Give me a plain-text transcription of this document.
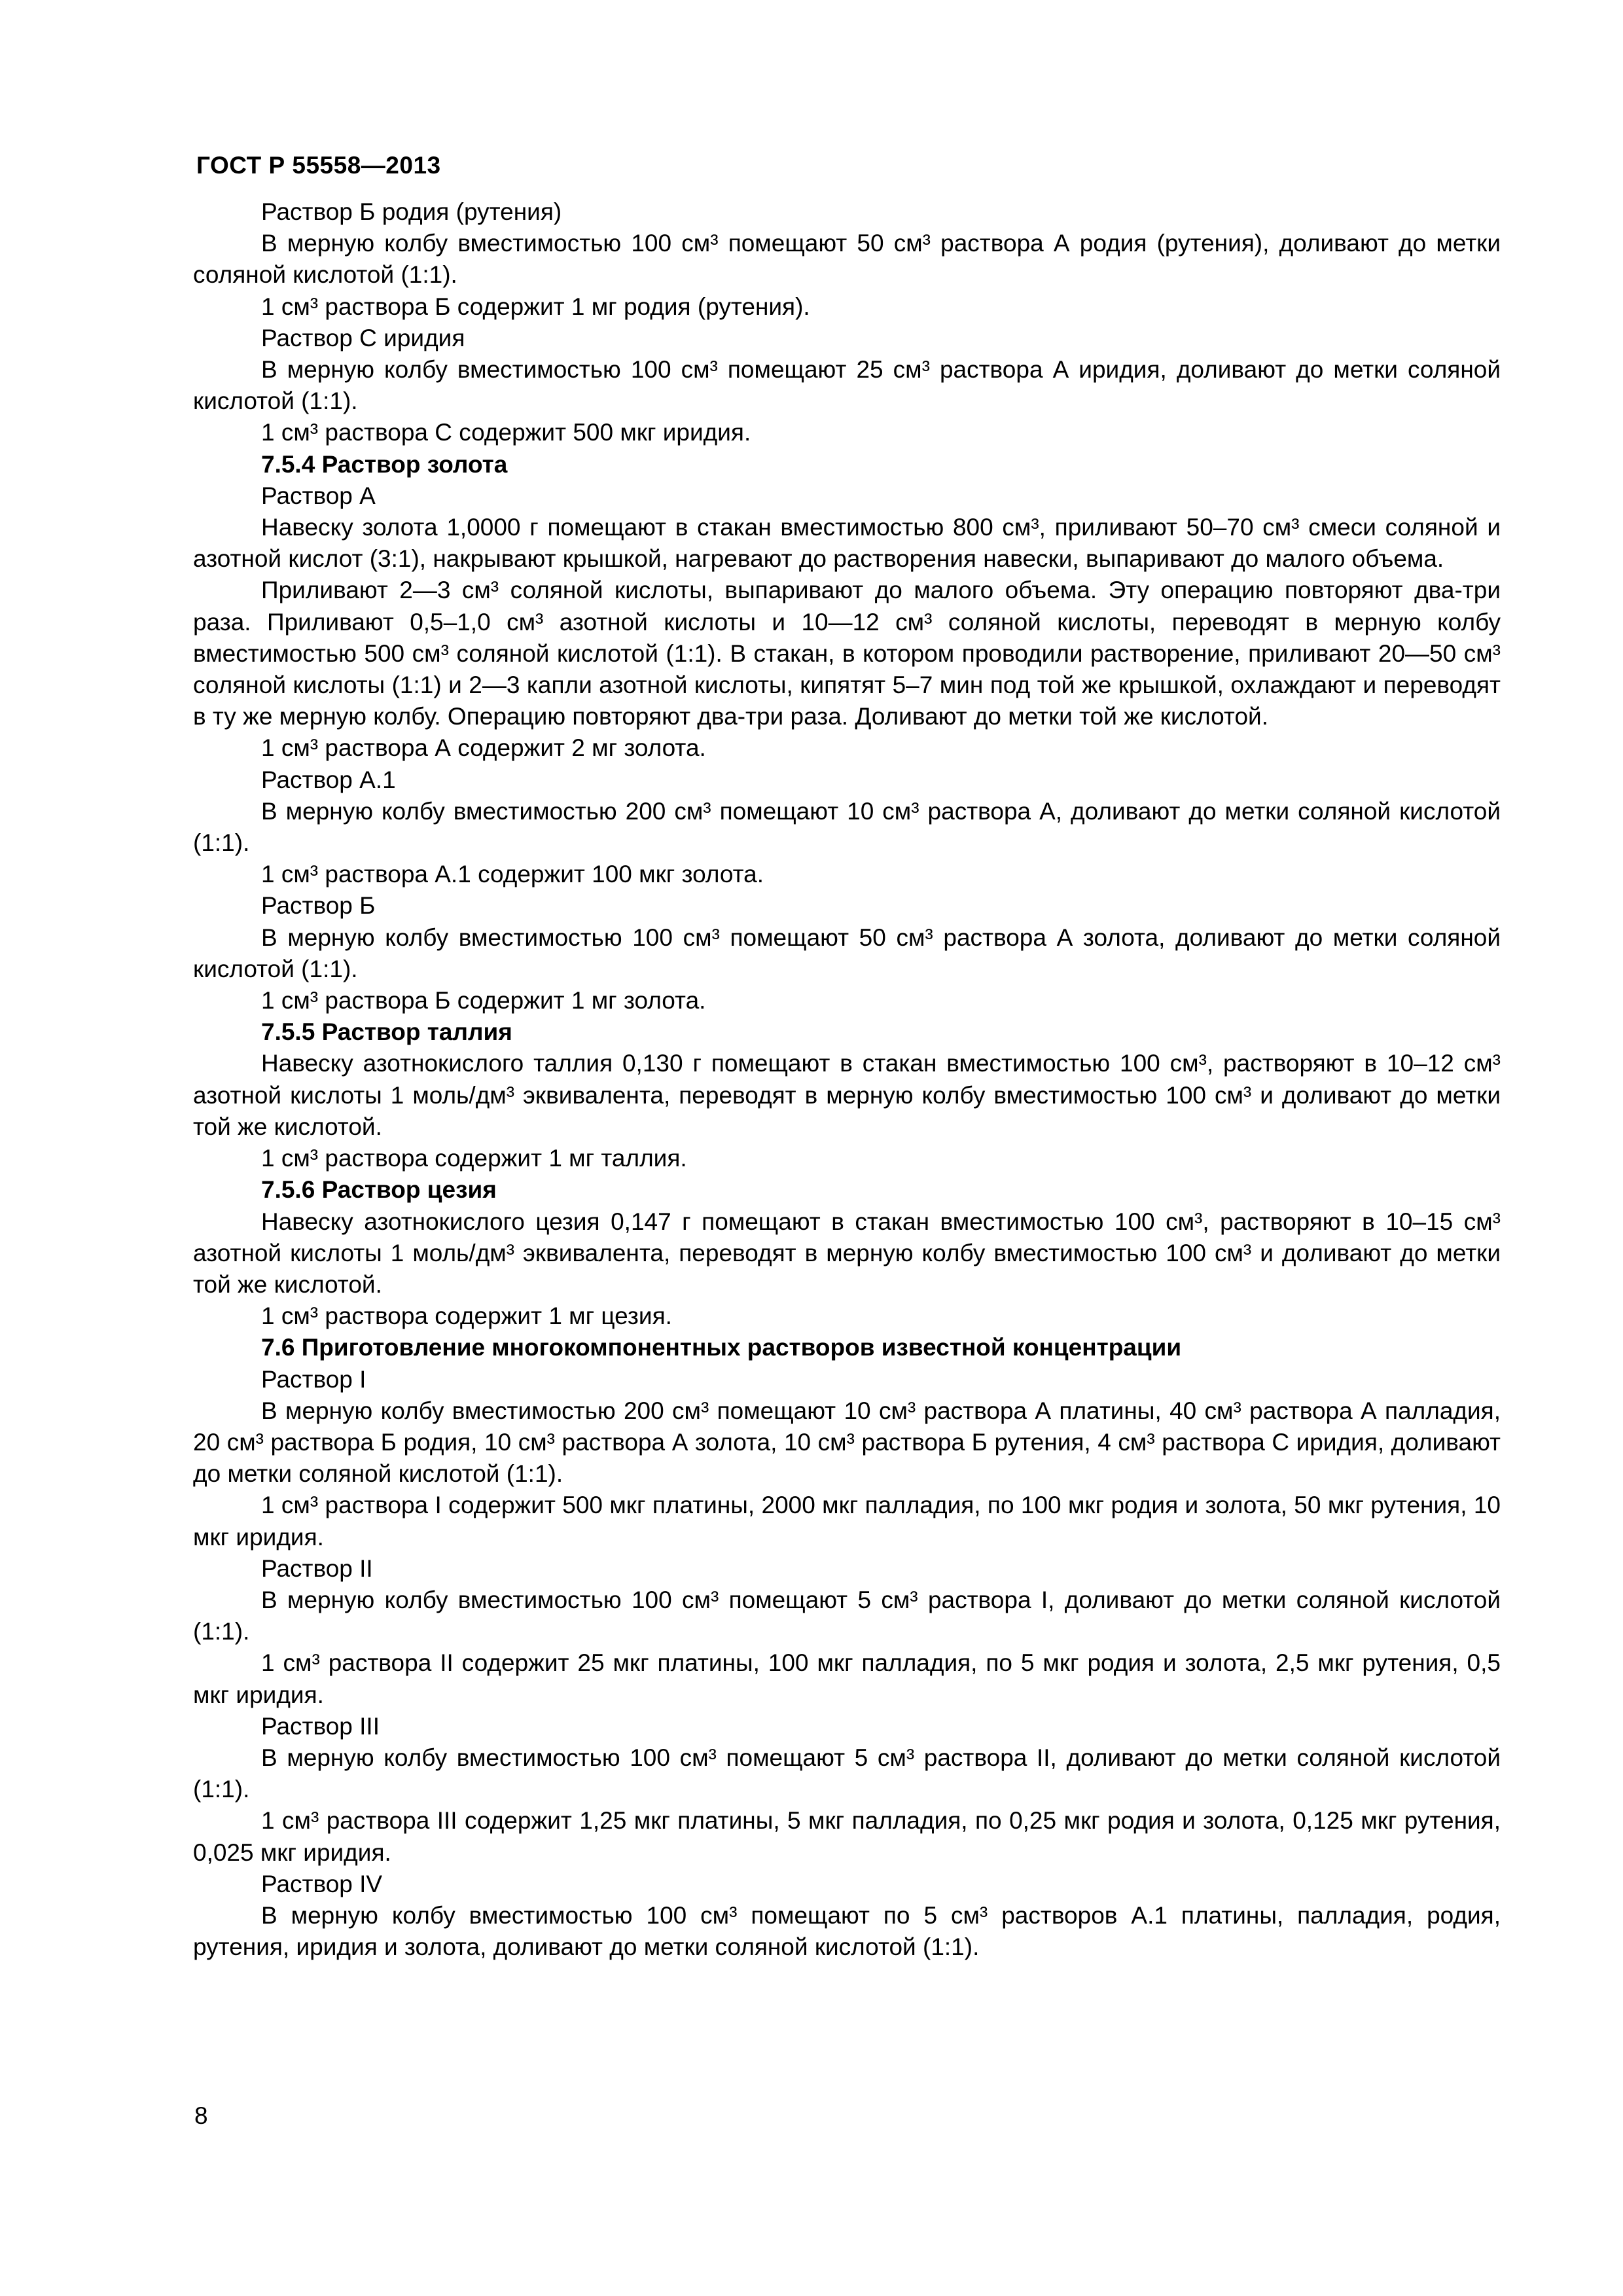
ГОСТ Р 55558—2013

Раствор Б родия (рутения)

В мерную колбу вместимостью 100 см³ помещают 50 см³ раствора А родия (рутения), доливают до метки соляной кислотой (1:1).

1 см³ раствора Б содержит 1 мг родия (рутения).

Раствор С иридия

В мерную колбу вместимостью 100 см³ помещают 25 см³ раствора А иридия, доливают до метки соляной кислотой (1:1).

1 см³ раствора С содержит 500 мкг иридия.

7.5.4 Раствор золота

Раствор А

Навеску золота 1,0000 г помещают в стакан вместимостью 800 см³, приливают 50–70 см³ смеси соляной и азотной кислот (3:1), накрывают крышкой, нагревают до растворения навески, выпаривают до малого объема.

Приливают 2—3 см³ соляной кислоты, выпаривают до малого объема. Эту операцию повторяют два-три раза. Приливают 0,5–1,0 см³ азотной кислоты и 10—12 см³ соляной кислоты, переводят в мерную колбу вместимостью 500 см³ соляной кислотой (1:1). В стакан, в котором проводили растворение, приливают 20—50 см³ соляной кислоты (1:1) и 2—3 капли азотной кислоты, кипятят 5–7 мин под той же крышкой, охлаждают и переводят в ту же мерную колбу. Операцию повторяют два-три раза. Доливают до метки той же кислотой.

1 см³ раствора А содержит 2 мг золота.

Раствор А.1

В мерную колбу вместимостью 200 см³ помещают 10 см³ раствора А, доливают до метки соляной кислотой (1:1).

1 см³ раствора А.1 содержит 100 мкг золота.

Раствор Б

В мерную колбу вместимостью 100 см³ помещают 50 см³ раствора А золота, доливают до метки соляной кислотой (1:1).

1 см³ раствора Б содержит 1 мг золота.

7.5.5 Раствор таллия

Навеску азотнокислого таллия 0,130 г помещают в стакан вместимостью 100 см³, растворяют в 10–12 см³ азотной кислоты 1 моль/дм³ эквивалента, переводят в мерную колбу вместимостью 100 см³ и доливают до метки той же кислотой.

1 см³ раствора содержит 1 мг таллия.

7.5.6 Раствор цезия

Навеску азотнокислого цезия 0,147 г помещают в стакан вместимостью 100 см³, растворяют в 10–15 см³ азотной кислоты 1 моль/дм³ эквивалента, переводят в мерную колбу вместимостью 100 см³ и доливают до метки той же кислотой.

1 см³ раствора содержит 1 мг цезия.

7.6 Приготовление многокомпонентных растворов известной концентрации

Раствор I

В мерную колбу вместимостью 200 см³ помещают 10 см³ раствора А платины, 40 см³ раствора А палладия, 20 см³ раствора Б родия, 10 см³ раствора А золота, 10 см³ раствора Б рутения, 4 см³ раствора С иридия, доливают до метки соляной кислотой (1:1).

1 см³ раствора I содержит 500 мкг платины, 2000 мкг палладия, по 100 мкг родия и золота, 50 мкг рутения, 10 мкг иридия.

Раствор II

В мерную колбу вместимостью 100 см³ помещают 5 см³ раствора I, доливают до метки соляной кислотой (1:1).

1 см³ раствора II содержит 25 мкг платины, 100 мкг палладия, по 5 мкг родия и золота, 2,5 мкг рутения, 0,5 мкг иридия.

Раствор III

В мерную колбу вместимостью 100 см³ помещают 5 см³ раствора II, доливают до метки соляной кислотой (1:1).

1 см³ раствора III содержит 1,25 мкг платины, 5 мкг палладия, по 0,25 мкг родия и золота, 0,125 мкг рутения, 0,025 мкг иридия.

Раствор IV

В мерную колбу вместимостью 100 см³ помещают по 5 см³ растворов А.1 платины, палладия, родия, рутения, иридия и золота, доливают до метки соляной кислотой (1:1).

8
